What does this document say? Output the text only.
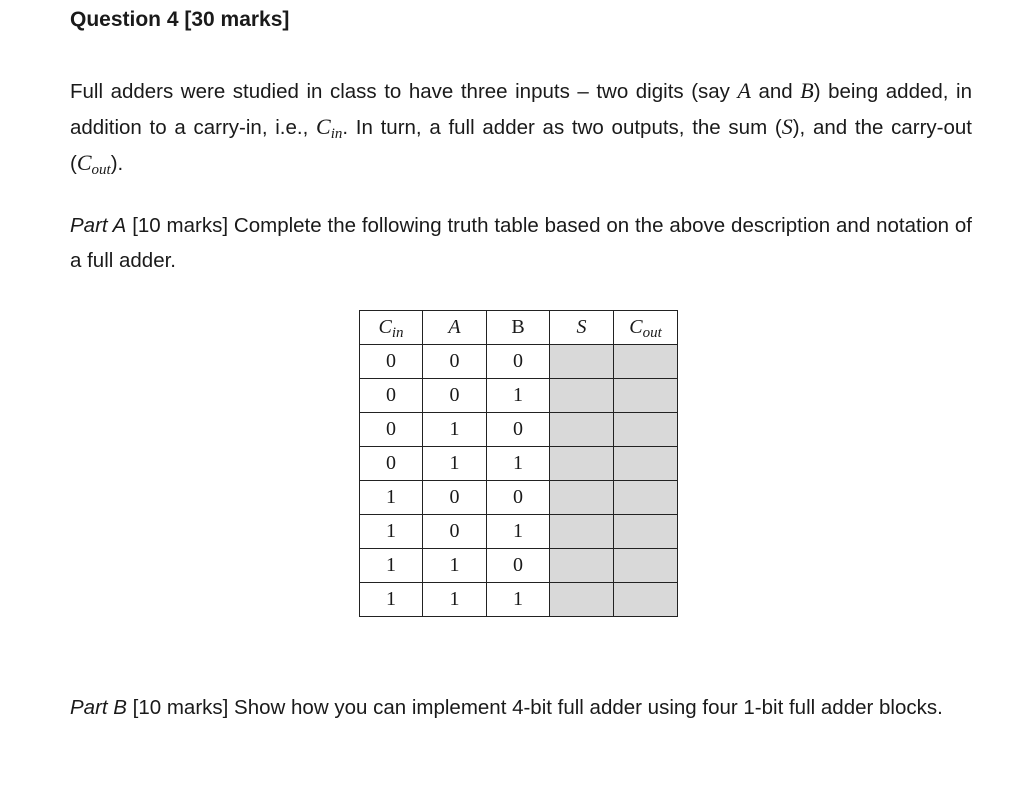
Question 4 [30 marks]
Full adders were studied in class to have three inputs – two digits (say A and B) being added, in addition to a carry-in, i.e., $C_{in}$. In turn, a full adder as two outputs, the sum (S), and the carry-out $(C_{out})$.
Part A [10 marks] Complete the following truth table based on the above description and notation of a full adder.
$C_{in}$	A	B	S	$C_{out}$
0	0	0		
0	0	1		
0	1	0		
0	1	1		
1	0	0		
1	0	1		
1	1	0		
1	1	1		
Part B [10 marks] Show how you can implement 4-bit full adder using four 1-bit full adder blocks.
